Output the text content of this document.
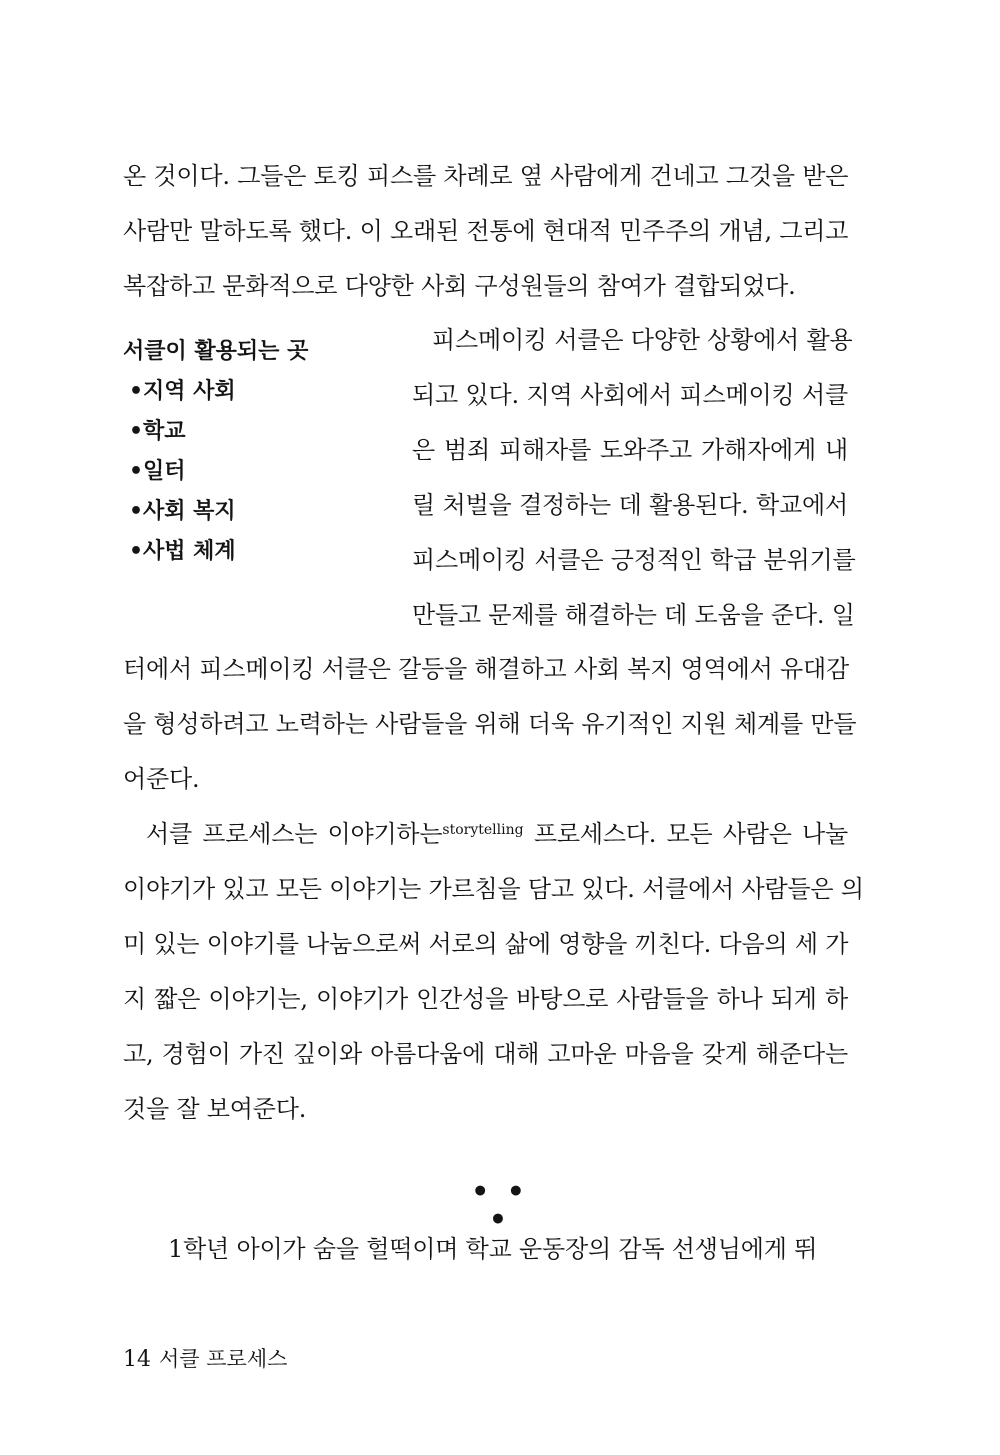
온 것이다. 그들은 토킹 피스를 차례로 옆 사람에게 건네고 그것을 받은
사람만 말하도록 했다. 이 오래된 전통에 현대적 민주주의 개념, 그리고
복잡하고 문화적으로 다양한 사회 구성원들의 참여가 결합되었다.
서클이 활용되는 곳
•지역 사회
•학교
•일터
•사회 복지
•사법 체계
피스메이킹 서클은 다양한 상황에서 활용
되고 있다. 지역 사회에서 피스메이킹 서클
은 범죄 피해자를 도와주고 가해자에게 내
릴 처벌을 결정하는 데 활용된다. 학교에서
피스메이킹 서클은 긍정적인 학급 분위기를
만들고 문제를 해결하는 데 도움을 준다. 일
터에서 피스메이킹 서클은 갈등을 해결하고 사회 복지 영역에서 유대감
을 형성하려고 노력하는 사람들을 위해 더욱 유기적인 지원 체계를 만들
어준다.
서클 프로세스는 이야기하는$^{storytelling}$ 프로세스다. 모든 사람은 나눌
이야기가 있고 모든 이야기는 가르침을 담고 있다. 서클에서 사람들은 의
미 있는 이야기를 나눔으로써 서로의 삶에 영향을 끼친다. 다음의 세 가
지 짧은 이야기는, 이야기가 인간성을 바탕으로 사람들을 하나 되게 하
고, 경험이 가진 깊이와 아름다움에 대해 고마운 마음을 갖게 해준다는
것을 잘 보여준다.
• • •
1학년 아이가 숨을 헐떡이며 학교 운동장의 감독 선생님에게 뛰
14 서클 프로세스
